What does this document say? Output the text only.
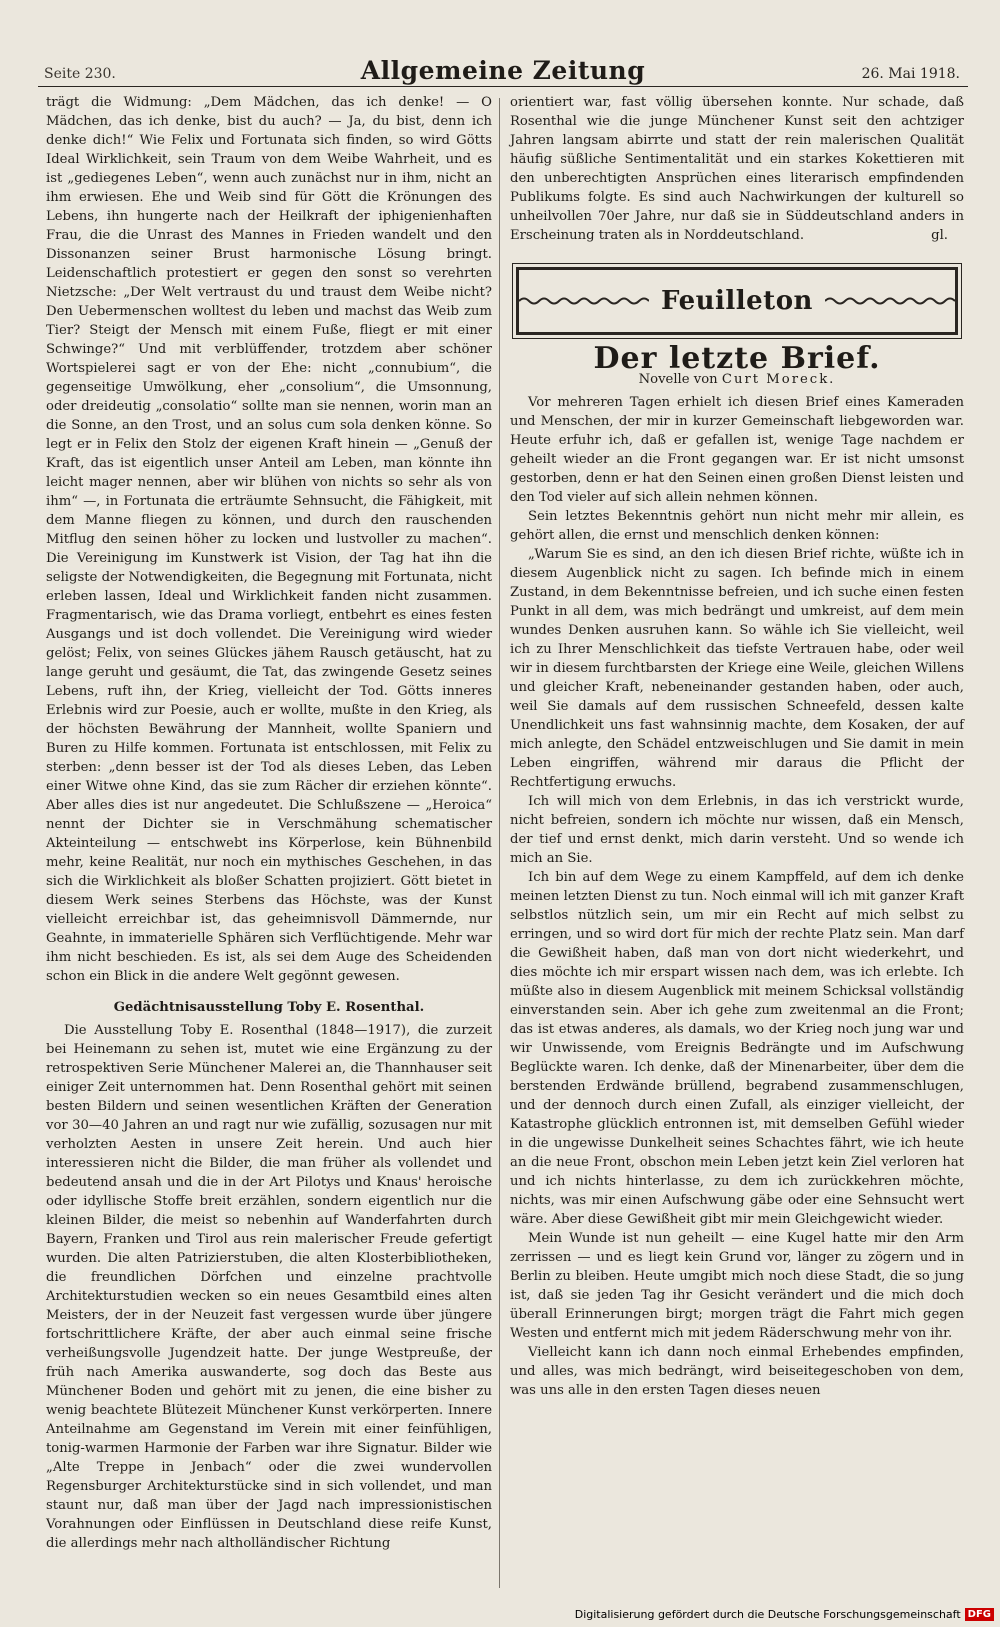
Seite 230.	Allgemeine Zeitung	26. Mai 1918.

trägt die Widmung: „Dem Mädchen, das ich denke! — O Mädchen, das ich denke, bist du auch? — Ja, du bist, denn ich denke dich!“ Wie Felix und Fortunata sich finden, so wird Götts Ideal Wirklichkeit, sein Traum von dem Weibe Wahrheit, und es ist „gediegenes Leben“, wenn auch zunächst nur in ihm, nicht an ihm erwiesen. Ehe und Weib sind für Gött die Krönungen des Lebens, ihn hungerte nach der Heilkraft der iphigenienhaften Frau, die die Unrast des Mannes in Frieden wandelt und den Dissonanzen seiner Brust harmonische Lösung bringt. Leidenschaftlich protestiert er gegen den sonst so verehrten Nietzsche: „Der Welt vertraust du und traust dem Weibe nicht? Den Uebermenschen wolltest du leben und machst das Weib zum Tier? Steigt der Mensch mit einem Fuße, fliegt er mit einer Schwinge?“ Und mit verblüffender, trotzdem aber schöner Wortspielerei sagt er von der Ehe: nicht „connubium“, die gegenseitige Umwölkung, eher „consolium“, die Umsonnung, oder dreideutig „consolatio“ sollte man sie nennen, worin man an die Sonne, an den Trost, und an solus cum sola denken könne. So legt er in Felix den Stolz der eigenen Kraft hinein — „Genuß der Kraft, das ist eigentlich unser Anteil am Leben, man könnte ihn leicht mager nennen, aber wir blühen von nichts so sehr als von ihm“ —, in Fortunata die erträumte Sehnsucht, die Fähigkeit, mit dem Manne fliegen zu können, und durch den rauschenden Mitflug den seinen höher zu locken und lustvoller zu machen“. Die Vereinigung im Kunstwerk ist Vision, der Tag hat ihn die seligste der Notwendigkeiten, die Begegnung mit Fortunata, nicht erleben lassen, Ideal und Wirklichkeit fanden nicht zusammen. Fragmentarisch, wie das Drama vorliegt, entbehrt es eines festen Ausgangs und ist doch vollendet. Die Vereinigung wird wieder gelöst; Felix, von seines Glückes jähem Rausch getäuscht, hat zu lange geruht und gesäumt, die Tat, das zwingende Gesetz seines Lebens, ruft ihn, der Krieg, vielleicht der Tod. Götts inneres Erlebnis wird zur Poesie, auch er wollte, mußte in den Krieg, als der höchsten Bewährung der Mannheit, wollte Spaniern und Buren zu Hilfe kommen. Fortunata ist entschlossen, mit Felix zu sterben: „denn besser ist der Tod als dieses Leben, das Leben einer Witwe ohne Kind, das sie zum Rächer dir erziehen könnte“. Aber alles dies ist nur angedeutet. Die Schlußszene — „Heroica“ nennt der Dichter sie in Verschmähung schematischer Akteinteilung — entschwebt ins Körperlose, kein Bühnenbild mehr, keine Realität, nur noch ein mythisches Geschehen, in das sich die Wirklichkeit als bloßer Schatten projiziert. Gött bietet in diesem Werk seines Sterbens das Höchste, was der Kunst vielleicht erreichbar ist, das geheimnisvoll Dämmernde, nur Geahnte, in immaterielle Sphären sich Verflüchtigende. Mehr war ihm nicht beschieden. Es ist, als sei dem Auge des Scheidenden schon ein Blick in die andere Welt gegönnt gewesen.

Gedächtnisausstellung Toby E. Rosenthal.

Die Ausstellung Toby E. Rosenthal (1848—1917), die zurzeit bei Heinemann zu sehen ist, mutet wie eine Ergänzung zu der retrospektiven Serie Münchener Malerei an, die Thannhauser seit einiger Zeit unternommen hat. Denn Rosenthal gehört mit seinen besten Bildern und seinen wesentlichen Kräften der Generation vor 30—40 Jahren an und ragt nur wie zufällig, sozusagen nur mit verholzten Aesten in unsere Zeit herein. Und auch hier interessieren nicht die Bilder, die man früher als vollendet und bedeutend ansah und die in der Art Pilotys und Knaus' heroische oder idyllische Stoffe breit erzählen, sondern eigentlich nur die kleinen Bilder, die meist so nebenhin auf Wanderfahrten durch Bayern, Franken und Tirol aus rein malerischer Freude gefertigt wurden. Die alten Patrizierstuben, die alten Klosterbibliotheken, die freundlichen Dörfchen und einzelne prachtvolle Architekturstudien wecken so ein neues Gesamtbild eines alten Meisters, der in der Neuzeit fast vergessen wurde über jüngere fortschrittlichere Kräfte, der aber auch einmal seine frische verheißungsvolle Jugendzeit hatte. Der junge Westpreuße, der früh nach Amerika auswanderte, sog doch das Beste aus Münchener Boden und gehört mit zu jenen, die eine bisher zu wenig beachtete Blütezeit Münchener Kunst verkörperten. Innere Anteilnahme am Gegenstand im Verein mit einer feinfühligen, tonig-warmen Harmonie der Farben war ihre Signatur. Bilder wie „Alte Treppe in Jenbach“ oder die zwei wundervollen Regensburger Architekturstücke sind in sich vollendet, und man staunt nur, daß man über der Jagd nach impressionistischen Vorahnungen oder Einflüssen in Deutschland diese reife Kunst, die allerdings mehr nach altholländischer Richtung

orientiert war, fast völlig übersehen konnte. Nur schade, daß Rosenthal wie die junge Münchener Kunst seit den achtziger Jahren langsam abirrte und statt der rein malerischen Qualität häufig süßliche Sentimentalität und ein starkes Kokettieren mit den unberechtigten Ansprüchen eines literarisch empfindenden Publikums folgte. Es sind auch Nachwirkungen der kulturell so unheilvollen 70er Jahre, nur daß sie in Süddeutschland anders in Erscheinung traten als in Norddeutschland.	gl.

Feuilleton
Der letzte Brief.
Novelle von Curt Moreck.

Vor mehreren Tagen erhielt ich diesen Brief eines Kameraden und Menschen, der mir in kurzer Gemeinschaft liebgeworden war. Heute erfuhr ich, daß er gefallen ist, wenige Tage nachdem er geheilt wieder an die Front gegangen war. Er ist nicht umsonst gestorben, denn er hat den Seinen einen großen Dienst leisten und den Tod vieler auf sich allein nehmen können.

Sein letztes Bekenntnis gehört nun nicht mehr mir allein, es gehört allen, die ernst und menschlich denken können:

„Warum Sie es sind, an den ich diesen Brief richte, wüßte ich in diesem Augenblick nicht zu sagen. Ich befinde mich in einem Zustand, in dem Bekenntnisse befreien, und ich suche einen festen Punkt in all dem, was mich bedrängt und umkreist, auf dem mein wundes Denken ausruhen kann. So wähle ich Sie vielleicht, weil ich zu Ihrer Menschlichkeit das tiefste Vertrauen habe, oder weil wir in diesem furchtbarsten der Kriege eine Weile, gleichen Willens und gleicher Kraft, nebeneinander gestanden haben, oder auch, weil Sie damals auf dem russischen Schneefeld, dessen kalte Unendlichkeit uns fast wahnsinnig machte, dem Kosaken, der auf mich anlegte, den Schädel entzweischlugen und Sie damit in mein Leben eingriffen, während mir daraus die Pflicht der Rechtfertigung erwuchs.

Ich will mich von dem Erlebnis, in das ich verstrickt wurde, nicht befreien, sondern ich möchte nur wissen, daß ein Mensch, der tief und ernst denkt, mich darin versteht. Und so wende ich mich an Sie.

Ich bin auf dem Wege zu einem Kampffeld, auf dem ich denke meinen letzten Dienst zu tun. Noch einmal will ich mit ganzer Kraft selbstlos nützlich sein, um mir ein Recht auf mich selbst zu erringen, und so wird dort für mich der rechte Platz sein. Man darf die Gewißheit haben, daß man von dort nicht wiederkehrt, und dies möchte ich mir erspart wissen nach dem, was ich erlebte. Ich müßte also in diesem Augenblick mit meinem Schicksal vollständig einverstanden sein. Aber ich gehe zum zweitenmal an die Front; das ist etwas anderes, als damals, wo der Krieg noch jung war und wir Unwissende, vom Ereignis Bedrängte und im Aufschwung Beglückte waren. Ich denke, daß der Minenarbeiter, über dem die berstenden Erdwände brüllend, begrabend zusammenschlugen, und der dennoch durch einen Zufall, als einziger vielleicht, der Katastrophe glücklich entronnen ist, mit demselben Gefühl wieder in die ungewisse Dunkelheit seines Schachtes fährt, wie ich heute an die neue Front, obschon mein Leben jetzt kein Ziel verloren hat und ich nichts hinterlasse, zu dem ich zurückkehren möchte, nichts, was mir einen Aufschwung gäbe oder eine Sehnsucht wert wäre. Aber diese Gewißheit gibt mir mein Gleichgewicht wieder.

Mein Wunde ist nun geheilt — eine Kugel hatte mir den Arm zerrissen — und es liegt kein Grund vor, länger zu zögern und in Berlin zu bleiben. Heute umgibt mich noch diese Stadt, die so jung ist, daß sie jeden Tag ihr Gesicht verändert und die mich doch überall Erinnerungen birgt; morgen trägt die Fahrt mich gegen Westen und entfernt mich mit jedem Räderschwung mehr von ihr.

Vielleicht kann ich dann noch einmal Erhebendes empfinden, und alles, was mich bedrängt, wird beiseitegeschoben von dem, was uns alle in den ersten Tagen dieses neuen

Digitalisierung gefördert durch die Deutsche Forschungsgemeinschaft DFG
